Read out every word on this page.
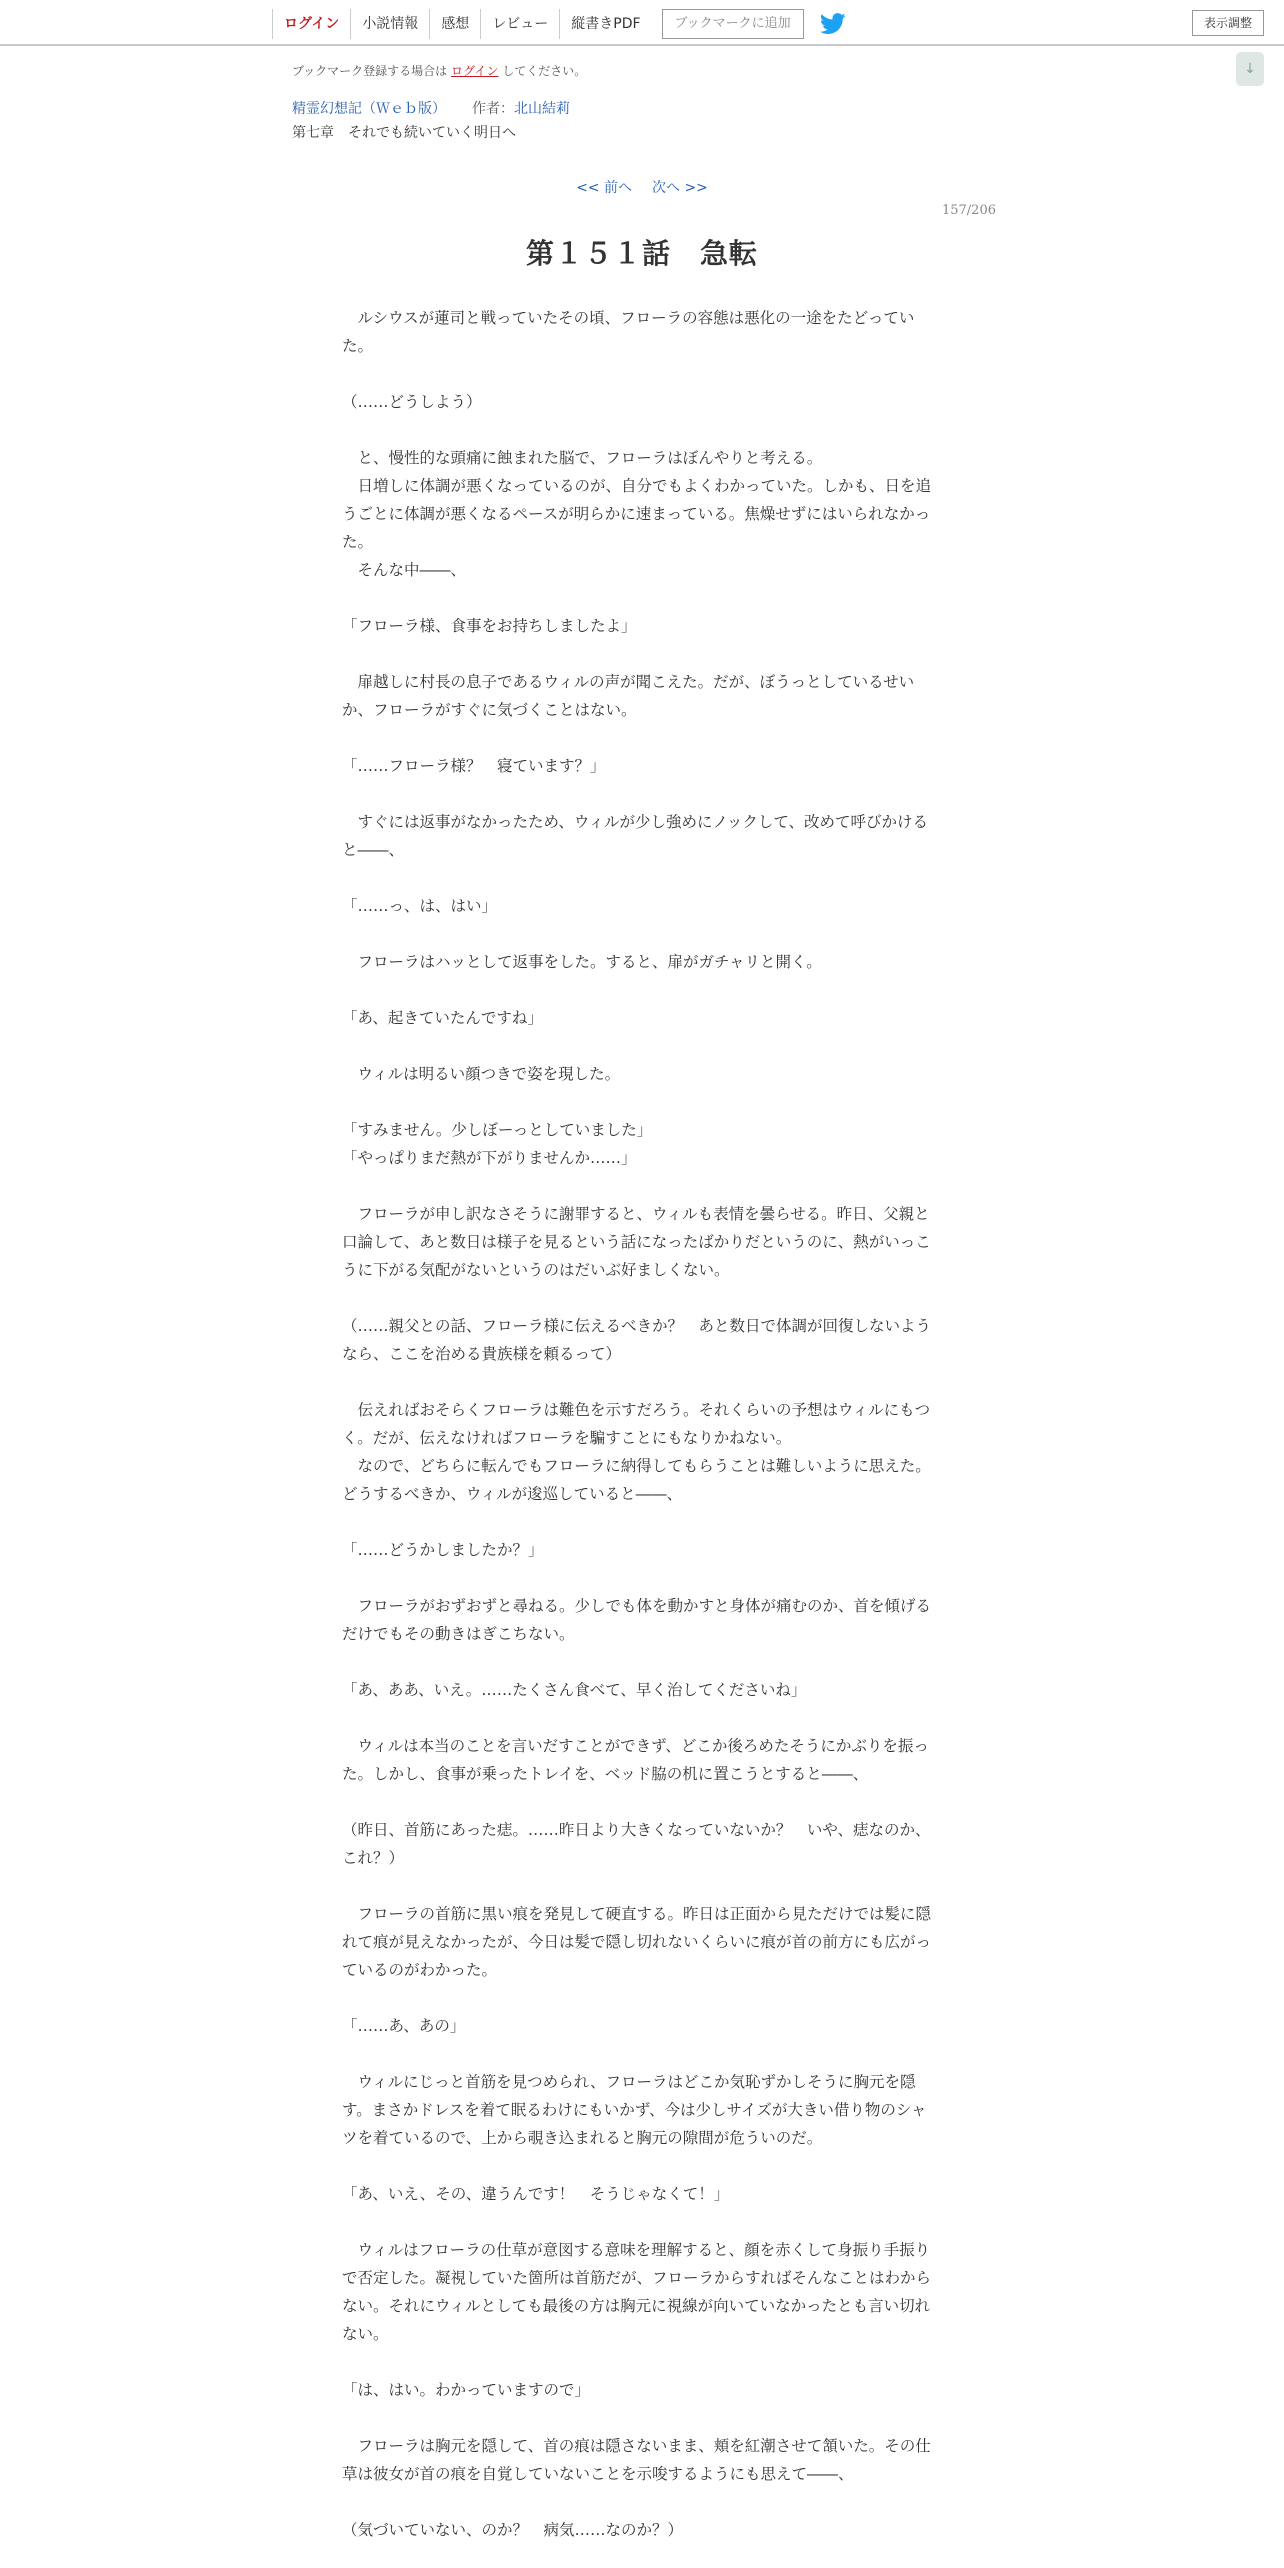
ログイン	小説情報	感想	レビュー	縦書きPDF	ブックマークに追加	表示調整
↓
ブックマーク登録する場合は ログイン してください。
精霊幻想記（Ｗｅｂ版） 作者：北山結莉
第七章　それでも続いていく明日へ
<< 前へ 次へ >>
157/206
第１５１話　急転

　ルシウスが蓮司と戦っていたその頃、フローラの容態は悪化の一途をたどっていた。

（……どうしよう）

　と、慢性的な頭痛に蝕まれた脳で、フローラはぼんやりと考える。

　日増しに体調が悪くなっているのが、自分でもよくわかっていた。しかも、日を追うごとに体調が悪くなるペースが明らかに速まっている。焦燥せずにはいられなかった。

　そんな中――、

「フローラ様、食事をお持ちしましたよ」

　扉越しに村長の息子であるウィルの声が聞こえた。だが、ぼうっとしているせいか、フローラがすぐに気づくことはない。

「……フローラ様？　寝ています？」

　すぐには返事がなかったため、ウィルが少し強めにノックして、改めて呼びかけると――、

「……っ、は、はい」

　フローラはハッとして返事をした。すると、扉がガチャリと開く。

「あ、起きていたんですね」

　ウィルは明るい顔つきで姿を現した。

「すみません。少しぼーっとしていました」

「やっぱりまだ熱が下がりませんか……」

　フローラが申し訳なさそうに謝罪すると、ウィルも表情を曇らせる。昨日、父親と口論して、あと数日は様子を見るという話になったばかりだというのに、熱がいっこうに下がる気配がないというのはだいぶ好ましくない。

（……親父との話、フローラ様に伝えるべきか？　あと数日で体調が回復しないようなら、ここを治める貴族様を頼るって）

　伝えればおそらくフローラは難色を示すだろう。それくらいの予想はウィルにもつく。だが、伝えなければフローラを騙すことにもなりかねない。

　なので、どちらに転んでもフローラに納得してもらうことは難しいように思えた。どうするべきか、ウィルが逡巡していると――、

「……どうかしましたか？」

　フローラがおずおずと尋ねる。少しでも体を動かすと身体が痛むのか、首を傾げるだけでもその動きはぎこちない。

「あ、ああ、いえ。……たくさん食べて、早く治してくださいね」

　ウィルは本当のことを言いだすことができず、どこか後ろめたそうにかぶりを振った。しかし、食事が乗ったトレイを、ベッド脇の机に置こうとすると――、

（昨日、首筋にあった痣。……昨日より大きくなっていないか？　いや、痣なのか、これ？）

　フローラの首筋に黒い痕を発見して硬直する。昨日は正面から見ただけでは髪に隠れて痕が見えなかったが、今日は髪で隠し切れないくらいに痕が首の前方にも広がっているのがわかった。

「……あ、あの」

　ウィルにじっと首筋を見つめられ、フローラはどこか気恥ずかしそうに胸元を隠す。まさかドレスを着て眠るわけにもいかず、今は少しサイズが大きい借り物のシャツを着ているので、上から覗き込まれると胸元の隙間が危ういのだ。

「あ、いえ、その、違うんです！　そうじゃなくて！」

　ウィルはフローラの仕草が意図する意味を理解すると、顔を赤くして身振り手振りで否定した。凝視していた箇所は首筋だが、フローラからすればそんなことはわからない。それにウィルとしても最後の方は胸元に視線が向いていなかったとも言い切れない。

「は、はい。わかっていますので」

　フローラは胸元を隠して、首の痕は隠さないまま、頬を紅潮させて頷いた。その仕草は彼女が首の痕を自覚していないことを示唆するようにも思えて――、

（気づいていない、のか？　病気……なのか？）
